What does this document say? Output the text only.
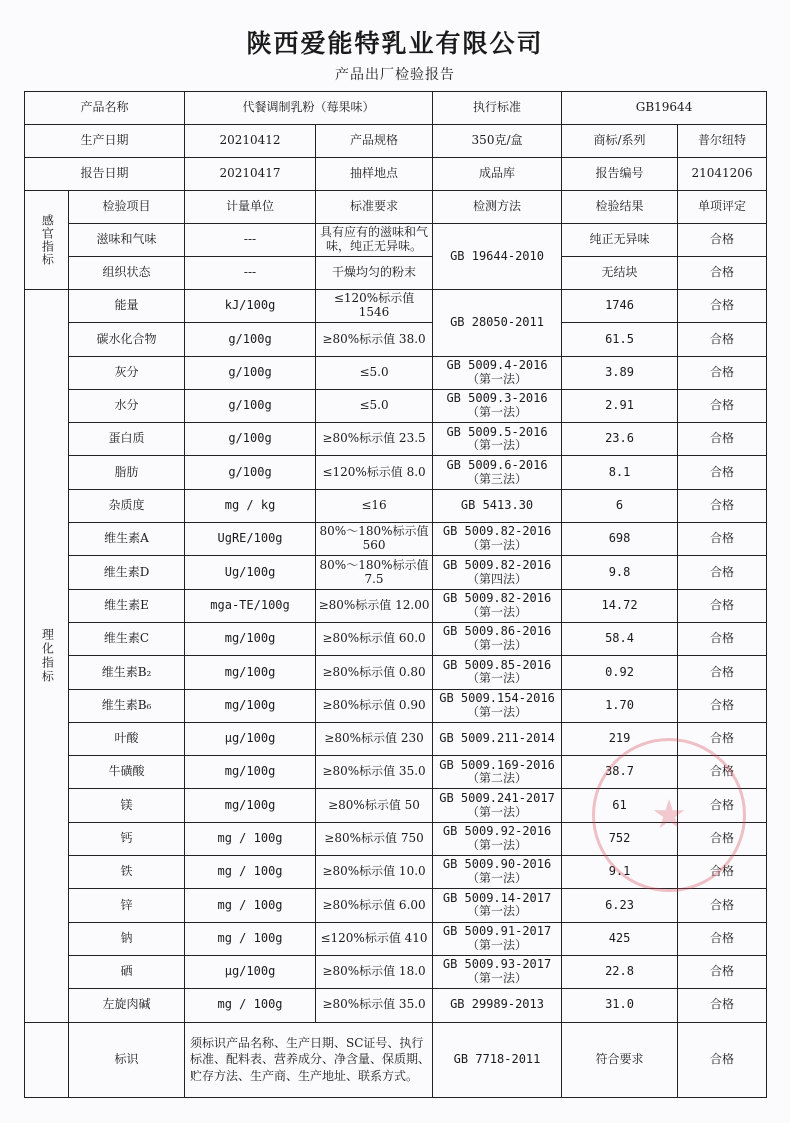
陕西爱能特乳业有限公司
产品出厂检验报告
产品名称		代餐调制乳粉（莓果味）		执行标准	GB19644	
生产日期		20210412	产品规格	350克/盒	商标/系列	普尔纽特
报告日期		20210417	抽样地点	成品库	报告编号	21041206
感官指标	检验项目	计量单位	标准要求	检测方法	检验结果	单项评定
	滋味和气味	---	具有应有的滋味和气味，纯正无异味。	GB 19644-2010	纯正无异味	合格
	组织状态	---	干燥均匀的粉末		无结块	合格
理化指标	能量	kJ/100g	≤120%标示值 1546	GB 28050-2011	1746	合格
	碳水化合物	g/100g	≥80%标示值 38.0		61.5	合格
	灰分	g/100g	≤5.0	GB 5009.4-2016 （第一法）	3.89	合格
	水分	g/100g	≤5.0	GB 5009.3-2016 （第一法）	2.91	合格
	蛋白质	g/100g	≥80%标示值 23.5	GB 5009.5-2016 （第一法）	23.6	合格
	脂肪	g/100g	≤120%标示值 8.0	GB 5009.6-2016 （第三法）	8.1	合格
	杂质度	mg / kg	≤16	GB 5413.30	6	合格
	维生素A	UgRE/100g	80%～180%标示值 560	GB 5009.82-2016 （第一法）	698	合格
	维生素D	Ug/100g	80%～180%标示值 7.5	GB 5009.82-2016 （第四法）	9.8	合格
	维生素E	mga-TE/100g	≥80%标示值 12.00	GB 5009.82-2016 （第一法）	14.72	合格
	维生素C	mg/100g	≥80%标示值 60.0	GB 5009.86-2016 （第一法）	58.4	合格
	维生素B₂	mg/100g	≥80%标示值 0.80	GB 5009.85-2016 （第一法）	0.92	合格
	维生素B₆	mg/100g	≥80%标示值 0.90	GB 5009.154-2016 （第一法）	1.70	合格
	叶酸	μg/100g	≥80%标示值 230	GB 5009.211-2014	219	合格
	牛磺酸	mg/100g	≥80%标示值 35.0	GB 5009.169-2016 （第二法）	38.7	合格
	镁	mg/100g	≥80%标示值 50	GB 5009.241-2017 （第一法）	61	合格
	钙	mg / 100g	≥80%标示值 750	GB 5009.92-2016 （第一法）	752	合格
	铁	mg / 100g	≥80%标示值 10.0	GB 5009.90-2016 （第一法）	9.1	合格
	锌	mg / 100g	≥80%标示值 6.00	GB 5009.14-2017 （第一法）	6.23	合格
	钠	mg / 100g	≤120%标示值 410	GB 5009.91-2017 （第一法）	425	合格
	硒	μg/100g	≥80%标示值 18.0	GB 5009.93-2017 （第一法）	22.8	合格
	左旋肉碱	mg / 100g	≥80%标示值 35.0	GB 29989-2013	31.0	合格
	标识	须标识产品名称、生产日期、SC证号、执行标准、配料表、营养成分、净含量、保质期、贮存方法、生产商、生产地址、联系方式。		GB 7718-2011	符合要求	合格
★
